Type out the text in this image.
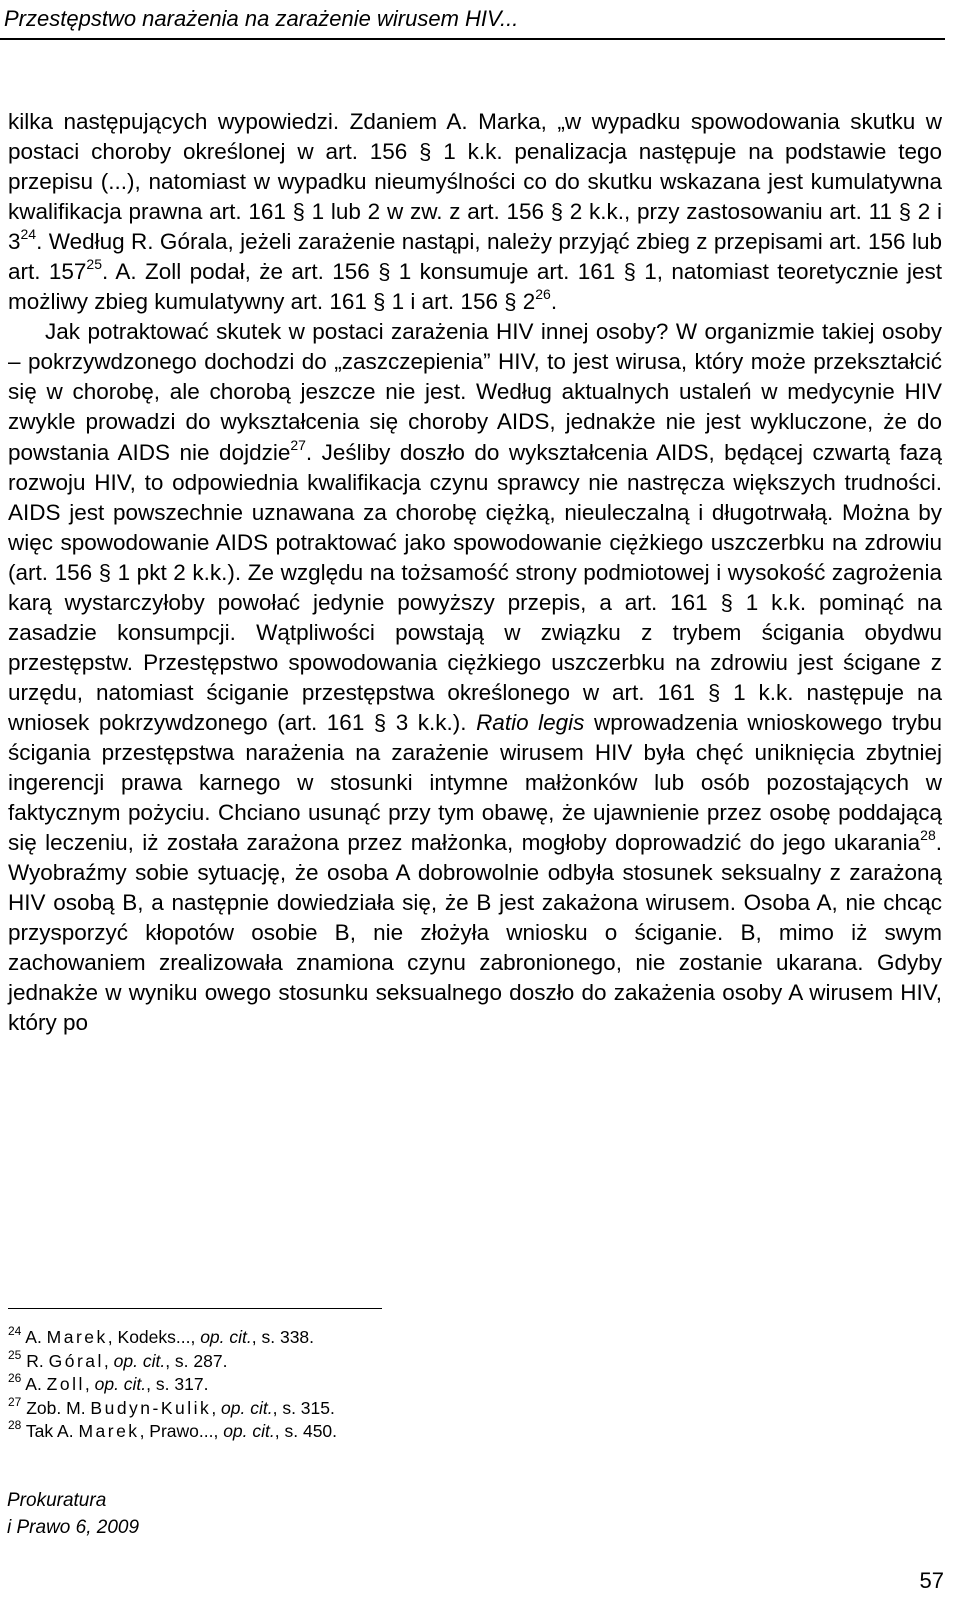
Przestępstwo narażenia na zarażenie wirusem HIV...

kilka następujących wypowiedzi. Zdaniem A. Marka, „w wypadku spowodowania skutku w postaci choroby określonej w art. 156 § 1 k.k. penalizacja następuje na podstawie tego przepisu (...), natomiast w wypadku nieumyślności co do skutku wskazana jest kumulatywna kwalifikacja prawna art. 161 § 1 lub 2 w zw. z art. 156 § 2 k.k., przy zastosowaniu art. 11 § 2 i $3^{24}$. Według R. Górala, jeżeli zarażenie nastąpi, należy przyjąć zbieg z przepisami art. 156 lub art. $157^{25}$. A. Zoll podał, że art. 156 § 1 konsumuje art. 161 § 1, natomiast teoretycznie jest możliwy zbieg kumulatywny art. 161 § 1 i art. 156 § $2^{26}$.

Jak potraktować skutek w postaci zarażenia HIV innej osoby? W organizmie takiej osoby – pokrzywdzonego dochodzi do „zaszczepienia” HIV, to jest wirusa, który może przekształcić się w chorobę, ale chorobą jeszcze nie jest. Według aktualnych ustaleń w medycynie HIV zwykle prowadzi do wykształcenia się choroby AIDS, jednakże nie jest wykluczone, że do powstania AIDS nie dojdzie$^{27}$. Jeśliby doszło do wykształcenia AIDS, będącej czwartą fazą rozwoju HIV, to odpowiednia kwalifikacja czynu sprawcy nie nastręcza większych trudności. AIDS jest powszechnie uznawana za chorobę ciężką, nieuleczalną i długotrwałą. Można by więc spowodowanie AIDS potraktować jako spowodowanie ciężkiego uszczerbku na zdrowiu (art. 156 § 1 pkt 2 k.k.). Ze względu na tożsamość strony podmiotowej i wysokość zagrożenia karą wystarczyłoby powołać jedynie powyższy przepis, a art. 161 § 1 k.k. pominąć na zasadzie konsumpcji. Wątpliwości powstają w związku z trybem ścigania obydwu przestępstw. Przestępstwo spowodowania ciężkiego uszczerbku na zdrowiu jest ścigane z urzędu, natomiast ściganie przestępstwa określonego w art. 161 § 1 k.k. następuje na wniosek pokrzywdzonego (art. 161 § 3 k.k.). Ratio legis wprowadzenia wnioskowego trybu ścigania przestępstwa narażenia na zarażenie wirusem HIV była chęć uniknięcia zbytniej ingerencji prawa karnego w stosunki intymne małżonków lub osób pozostających w faktycznym pożyciu. Chciano usunąć przy tym obawę, że ujawnienie przez osobę poddającą się leczeniu, iż została zarażona przez małżonka, mogłoby doprowadzić do jego ukarania$^{28}$. Wyobraźmy sobie sytuację, że osoba A dobrowolnie odbyła stosunek seksualny z zarażoną HIV osobą B, a następnie dowiedziała się, że B jest zakażona wirusem. Osoba A, nie chcąc przysporzyć kłopotów osobie B, nie złożyła wniosku o ściganie. B, mimo iż swym zachowaniem zrealizowała znamiona czynu zabronionego, nie zostanie ukarana. Gdyby jednakże w wyniku owego stosunku seksualnego doszło do zakażenia osoby A wirusem HIV, który po

$^{24}$ A. Marek, Kodeks..., op. cit., s. 338.
$^{25}$ R. Góral, op. cit., s. 287.
$^{26}$ A. Zoll, op. cit., s. 317.
$^{27}$ Zob. M. Budyn-Kulik, op. cit., s. 315.
$^{28}$ Tak A. Marek, Prawo..., op. cit., s. 450.
Prokuratura
i Prawo 6, 2009
57
